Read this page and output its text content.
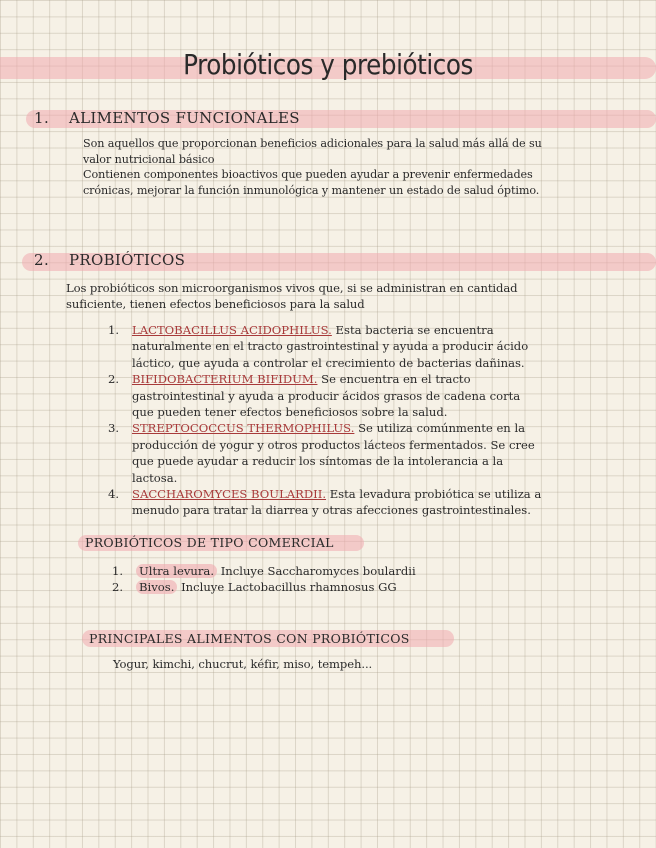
Probióticos y prebióticos
1. ALIMENTOS FUNCIONALES

Son aquellos que proporcionan beneficios adicionales para la salud más allá de su

valor nutricional básico

Contienen componentes bioactivos que pueden ayudar a prevenir enfermedades

crónicas, mejorar la función inmunológica y mantener un estado de salud óptimo.

2. PROBIÓTICOS

Los probióticos son microorganismos vivos que, si se administran en cantidad

suficiente, tienen efectos beneficiosos para la salud

1. LACTOBACILLUS ACIDOPHILUS. Esta bacteria se encuentra
naturalmente en el tracto gastrointestinal y ayuda a producir ácido
láctico, que ayuda a controlar el crecimiento de bacterias dañinas.
2. BIFIDOBACTERIUM BIFIDUM. Se encuentra en el tracto
gastrointestinal y ayuda a producir ácidos grasos de cadena corta
que pueden tener efectos beneficiosos sobre la salud.
3. STREPTOCOCCUS THERMOPHILUS. Se utiliza comúnmente en la
producción de yogur y otros productos lácteos fermentados. Se cree
que puede ayudar a reducir los síntomas de la intolerancia a la
lactosa.
4. SACCHAROMYCES BOULARDII. Esta levadura probiótica se utiliza a
menudo para tratar la diarrea y otras afecciones gastrointestinales.
PROBIÓTICOS DE TIPO COMERCIAL
1. Ultra levura. Incluye Saccharomyces boulardii
2. Bivos. Incluye Lactobacillus rhamnosus GG
PRINCIPALES ALIMENTOS CON PROBIÓTICOS
Yogur, kimchi, chucrut, kéfir, miso, tempeh...
